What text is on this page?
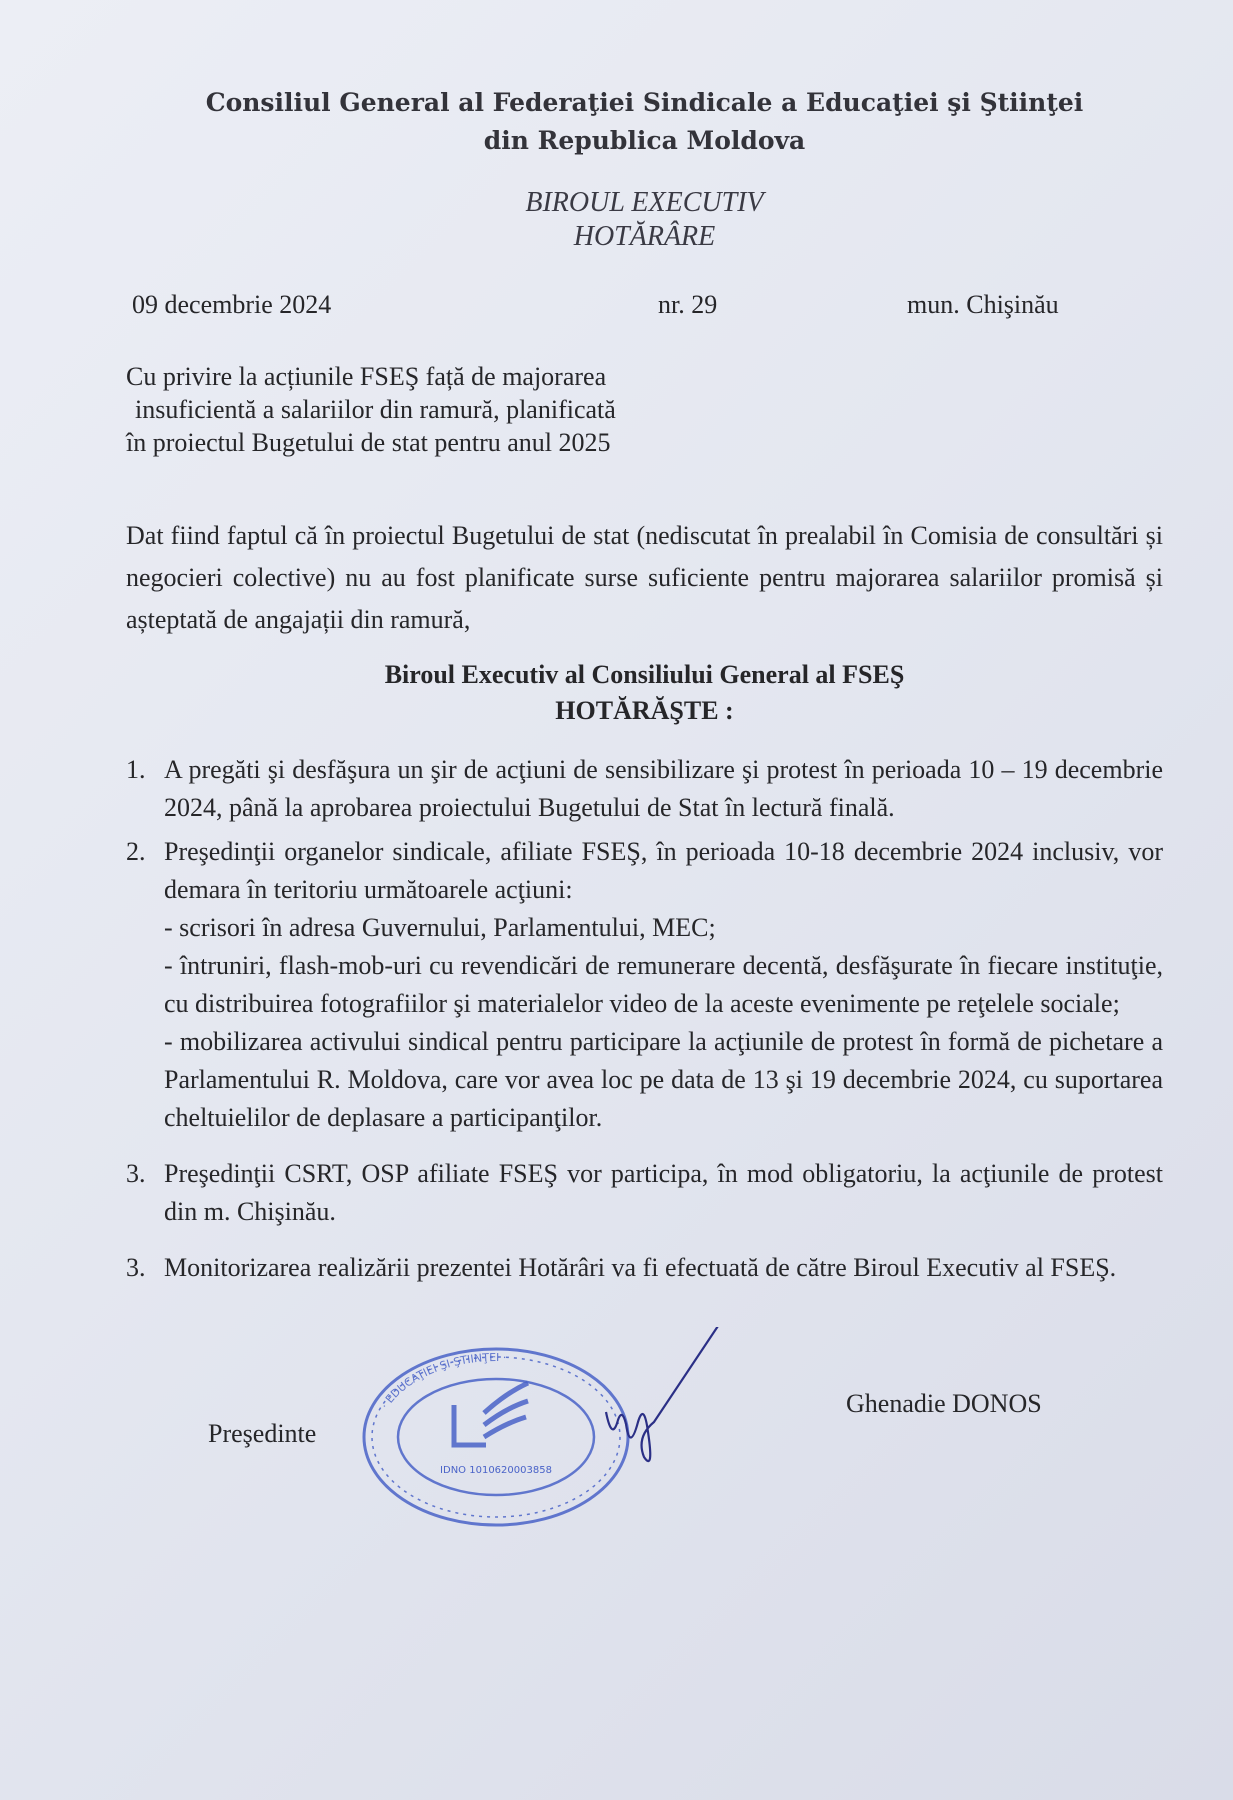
Consiliul General al Federaţiei Sindicale a Educaţiei şi Ştiinţei
din Republica Moldova
BIROUL EXECUTIV
HOTĂRÂRE
09 decembrie 2024	nr. 29	mun. Chişinău
Cu privire la acțiunile FSEŞ față de majorarea
insuficientă a salariilor din ramură, planificată
în proiectul Bugetului de stat pentru anul 2025
Dat fiind faptul că în proiectul Bugetului de stat (nediscutat în prealabil în Comisia de consultări și negocieri colective) nu au fost planificate surse suficiente pentru majorarea salariilor promisă și așteptată de angajații din ramură,
Biroul Executiv al Consiliului General al FSEŞ
HOTĂRĂŞTE :
1. A pregăti şi desfăşura un şir de acţiuni de sensibilizare şi protest în perioada 10 – 19 decembrie 2024, până la aprobarea proiectului Bugetului de Stat în lectură finală.
2. Preşedinţii organelor sindicale, afiliate FSEŞ, în perioada 10-18 decembrie 2024 inclusiv, vor demara în teritoriu următoarele acţiuni:
- scrisori în adresa Guvernului, Parlamentului, MEC;
- întruniri, flash-mob-uri cu revendicări de remunerare decentă, desfăşurate în fiecare instituţie, cu distribuirea fotografiilor şi materialelor video de la aceste evenimente pe reţelele sociale;
- mobilizarea activului sindical pentru participare la acţiunile de protest în formă de pichetare a Parlamentului R. Moldova, care vor avea loc pe data de 13 şi 19 decembrie 2024, cu suportarea cheltuielilor de deplasare a participanţilor.
3. Preşedinţii CSRT, OSP afiliate FSEŞ vor participa, în mod obligatoriu, la acţiunile de protest din m. Chişinău.
3. Monitorizarea realizării prezentei Hotărâri va fi efectuată de către Biroul Executiv al FSEŞ.
Preşedinte
Ghenadie DONOS
· EDUCAŢIEI ŞI ŞTIINŢEI ·
IDNO 1010620003858
